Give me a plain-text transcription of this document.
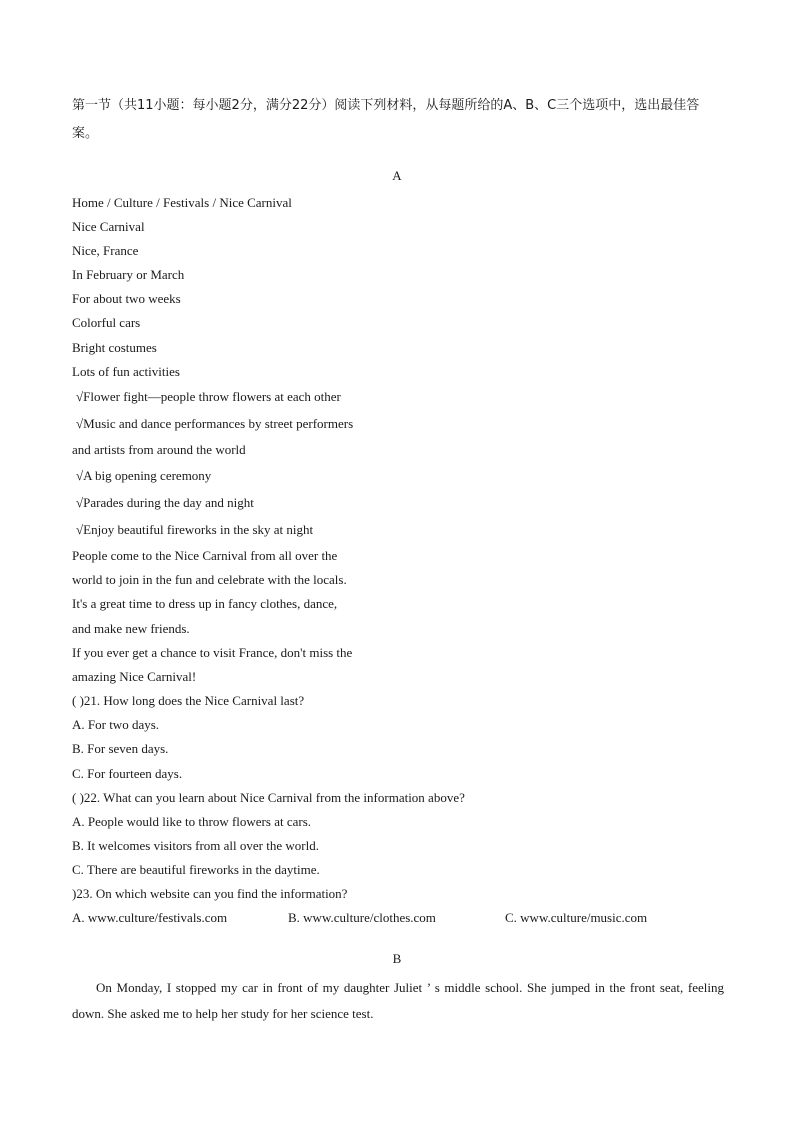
第一节（共11小题：每小题2分，满分22分）阅读下列材料，从每题所给的A、B、C三个选项中，选出最佳答案。
A
Home / Culture / Festivals / Nice Carnival
Nice Carnival
Nice, France
In February or March
For about two weeks
Colorful cars
Bright costumes
Lots of fun activities
√Flower fight—people throw flowers at each other
√Music and dance performances by street performers
and artists from around the world
√A big opening ceremony
√Parades during the day and night
√Enjoy beautiful fireworks in the sky at night
People come to the Nice Carnival from all over the
world to join in the fun and celebrate with the locals.
It's a great time to dress up in fancy clothes, dance,
and make new friends.
If you ever get a chance to visit France, don't miss the
amazing Nice Carnival!
( )21. How long does the Nice Carnival last?
A. For two days.
B. For seven days.
C. For fourteen days.
( )22. What can you learn about Nice Carnival from the information above?
A. People would like to throw flowers at cars.
B. It welcomes visitors from all over the world.
C. There are beautiful fireworks in the daytime.
)23. On which website can you find the information?
A. www.culture/festivals.com	B. www.culture/clothes.com	C. www.culture/music.com
B
On Monday, I stopped my car in front of my daughter Juliet ’ s middle school. She jumped in the front seat, feeling down. She asked me to help her study for her science test.
